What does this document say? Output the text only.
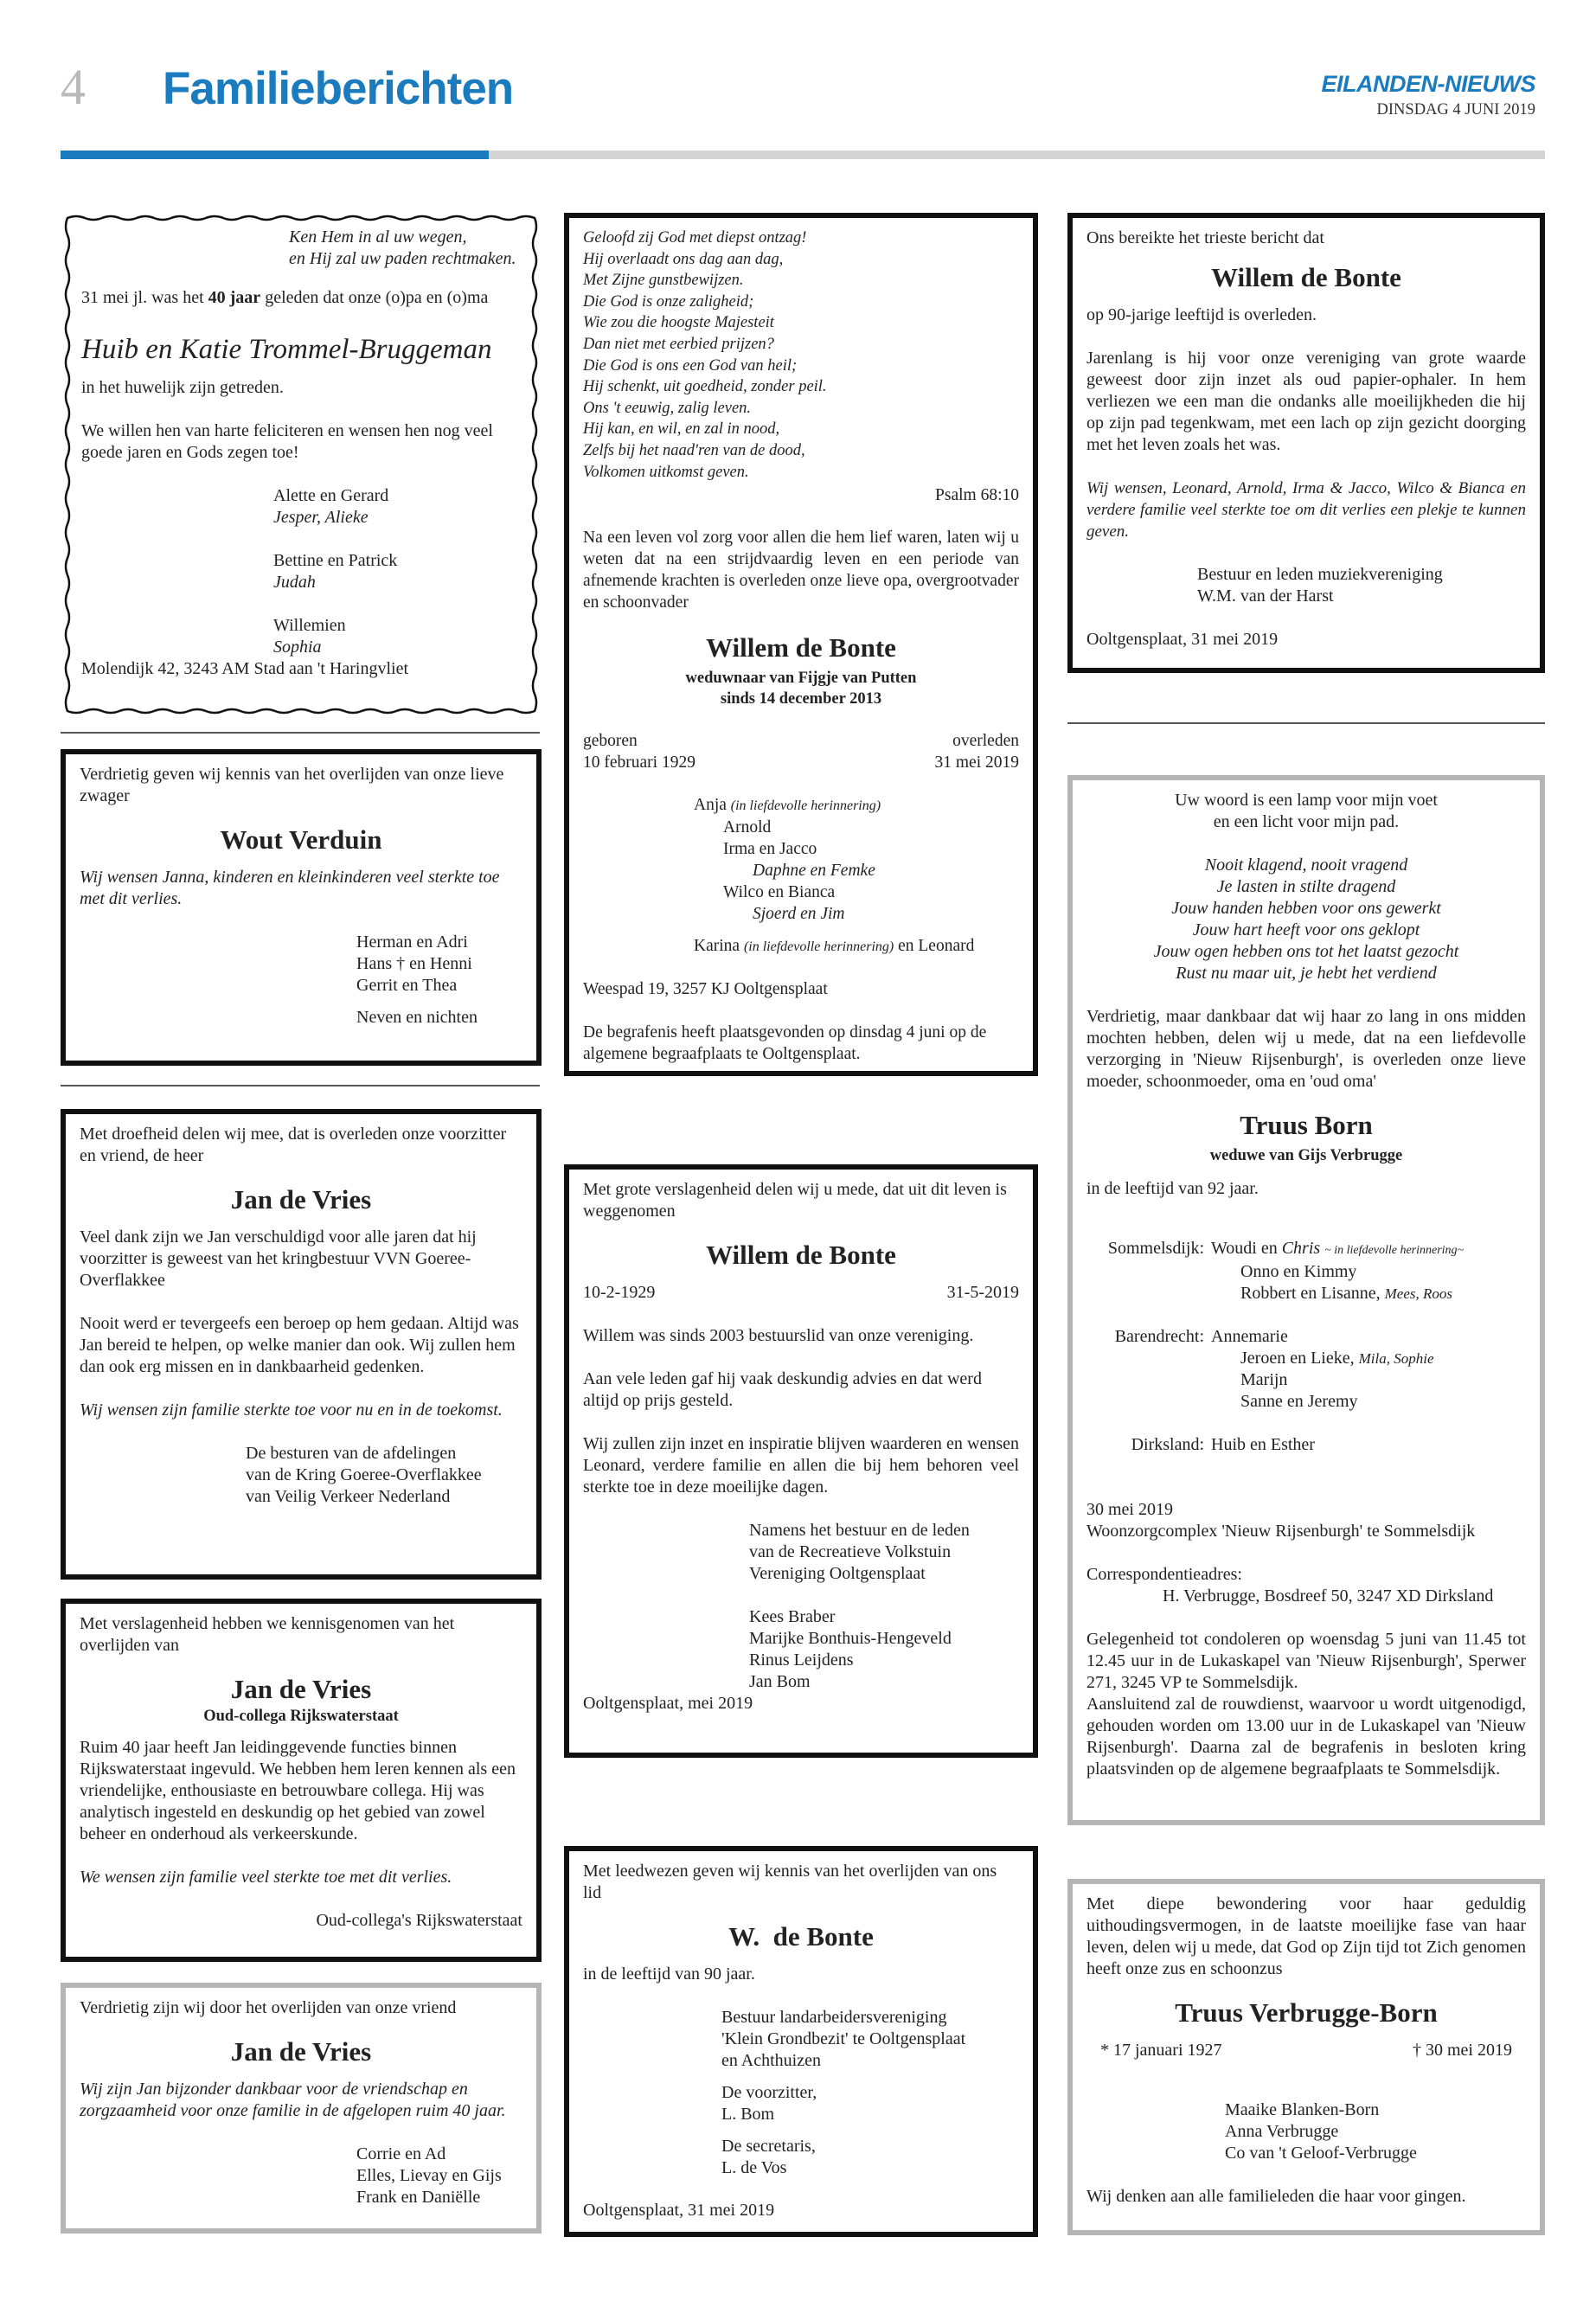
4 Familieberichten	EILANDEN-NIEUWS
DINSDAG 4 JUNI 2019
Ken Hem in al uw wegen,
en Hij zal uw paden rechtmaken.

31 mei jl. was het 40 jaar geleden dat onze (o)pa en (o)ma

Huib en Katie Trommel-Bruggeman

in het huwelijk zijn getreden.

We willen hen van harte feliciteren en wensen hen nog veel goede jaren en Gods zegen toe!

Alette en Gerard
Jesper, Alieke

Bettine en Patrick
Judah

Willemien
Sophia

Molendijk 42, 3243 AM Stad aan 't Haringvliet

Verdrietig geven wij kennis van het overlijden van onze lieve zwager

Wout Verduin

Wij wensen Janna, kinderen en kleinkinderen veel sterkte toe met dit verlies.

Herman en Adri
Hans † en Henni
Gerrit en Thea
Neven en nichten

Met droefheid delen wij mee, dat is overleden onze voorzitter en vriend, de heer

Jan de Vries

Veel dank zijn we Jan verschuldigd voor alle jaren dat hij voorzitter is geweest van het kringbestuur VVN Goeree-Overflakkee

Nooit werd er tevergeefs een beroep op hem gedaan. Altijd was Jan bereid te helpen, op welke manier dan ook. Wij zullen hem dan ook erg missen en in dankbaarheid gedenken.

Wij wensen zijn familie sterkte toe voor nu en in de toekomst.

De besturen van de afdelingen
van de Kring Goeree-Overflakkee
van Veilig Verkeer Nederland

Met verslagenheid hebben we kennisgenomen van het overlijden van

Jan de Vries
Oud-collega Rijkswaterstaat

Ruim 40 jaar heeft Jan leidinggevende functies binnen Rijkswaterstaat ingevuld. We hebben hem leren kennen als een vriendelijke, enthousiaste en betrouwbare collega. Hij was analytisch ingesteld en deskundig op het gebied van zowel beheer en onderhoud als verkeerskunde.

We wensen zijn familie veel sterkte toe met dit verlies.

Oud-collega's Rijkswaterstaat

Verdrietig zijn wij door het overlijden van onze vriend

Jan de Vries

Wij zijn Jan bijzonder dankbaar voor de vriendschap en zorgzaamheid voor onze familie in de afgelopen ruim 40 jaar.

Corrie en Ad
Elles, Lievay en Gijs
Frank en Daniëlle
Geloofd zij God met diepst ontzag!
Hij overlaadt ons dag aan dag,
Met Zijne gunstbewijzen.
Die God is onze zaligheid;
Wie zou die hoogste Majesteit
Dan niet met eerbied prijzen?
Die God is ons een God van heil;
Hij schenkt, uit goedheid, zonder peil.
Ons 't eeuwig, zalig leven.
Hij kan, en wil, en zal in nood,
Zelfs bij het naad'ren van de dood,
Volkomen uitkomst geven.
Psalm 68:10

Na een leven vol zorg voor allen die hem lief waren, laten wij u weten dat na een strijdvaardig leven en een periode van afnemende krachten is overleden onze lieve opa, overgrootvader en schoonvader

Willem de Bonte
weduwnaar van Fijgje van Putten
sinds 14 december 2013
geboren
10 februari 1929
overleden
31 mei 2019
Anja (in liefdevolle herinnering)
Arnold
Irma en Jacco
Daphne en Femke
Wilco en Bianca
Sjoerd en Jim
Karina (in liefdevolle herinnering) en Leonard

Weespad 19, 3257 KJ Ooltgensplaat

De begrafenis heeft plaatsgevonden op dinsdag 4 juni op de algemene begraafplaats te Ooltgensplaat.

Met grote verslagenheid delen wij u mede, dat uit dit leven is weggenomen

Willem de Bonte
10-2-1929	31-5-2019

Willem was sinds 2003 bestuurslid van onze vereniging.

Aan vele leden gaf hij vaak deskundig advies en dat werd altijd op prijs gesteld.

Wij zullen zijn inzet en inspiratie blijven waarderen en wensen Leonard, verdere familie en allen die bij hem behoren veel sterkte toe in deze moeilijke dagen.

Namens het bestuur en de leden
van de Recreatieve Volkstuin
Vereniging Ooltgensplaat

Kees Braber
Marijke Bonthuis-Hengeveld
Rinus Leijdens
Jan Bom

Ooltgensplaat, mei 2019

Met leedwezen geven wij kennis van het overlijden van ons lid

W.  de Bonte

in de leeftijd van 90 jaar.

Bestuur landarbeidersvereniging
'Klein Grondbezit' te Ooltgensplaat
en Achthuizen

De voorzitter,
L. Bom

De secretaris,
L. de Vos

Ooltgensplaat, 31 mei 2019
Ons bereikte het trieste bericht dat
Willem de Bonte

op 90-jarige leeftijd is overleden.

Jarenlang is hij voor onze vereniging van grote waarde geweest door zijn inzet als oud papier-ophaler. In hem verliezen we een man die ondanks alle moeilijkheden die hij op zijn pad tegenkwam, met een lach op zijn gezicht doorging met het leven zoals het was.

Wij wensen, Leonard, Arnold, Irma & Jacco, Wilco & Bianca en verdere familie veel sterkte toe om dit verlies een plekje te kunnen geven.

Bestuur en leden muziekvereniging
W.M. van der Harst

Ooltgensplaat, 31 mei 2019

Uw woord is een lamp voor mijn voet
en een licht voor mijn pad.

Nooit klagend, nooit vragend
Je lasten in stilte dragend
Jouw handen hebben voor ons gewerkt
Jouw hart heeft voor ons geklopt
Jouw ogen hebben ons tot het laatst gezocht
Rust nu maar uit, je hebt het verdiend

Verdrietig, maar dankbaar dat wij haar zo lang in ons midden mochten hebben, delen wij u mede, dat na een liefdevolle verzorging in 'Nieuw Rijsenburgh', is overleden onze lieve moeder, schoonmoeder, oma en 'oud oma'

Truus Born
weduwe van Gijs Verbrugge

in de leeftijd van 92 jaar.

Sommelsdijk:	Woudi en Chris ~ in liefdevolle herinnering~
	Onno en Kimmy
	Robbert en Lisanne, Mees, Roos

Barendrecht:	Annemarie
	Jeroen en Lieke, Mila, Sophie
	Marijn
	Sanne en Jeremy

Dirksland:	Huib en Esther

30 mei 2019
Woonzorgcomplex 'Nieuw Rijsenburgh' te Sommelsdijk

Correspondentieadres:
H. Verbrugge, Bosdreef 50, 3247 XD Dirksland

Gelegenheid tot condoleren op woensdag 5 juni van 11.45 tot 12.45 uur in de Lukaskapel van 'Nieuw Rijsenburgh', Sperwer 271, 3245 VP te Sommelsdijk.
Aansluitend zal de rouwdienst, waarvoor u wordt uitgenodigd, gehouden worden om 13.00 uur in de Lukaskapel van 'Nieuw Rijsenburgh'. Daarna zal de begrafenis in besloten kring plaatsvinden op de algemene begraafplaats te Sommelsdijk.

Met diepe bewondering voor haar geduldig uithoudingsvermogen, in de laatste moeilijke fase van haar leven, delen wij u mede, dat God op Zijn tijd tot Zich genomen heeft onze zus en schoonzus

Truus Verbrugge-Born
* 17 januari 1927	† 30 mei 2019

Maaike Blanken-Born
Anna Verbrugge
Co van 't Geloof-Verbrugge

Wij denken aan alle familieleden die haar voor gingen.
